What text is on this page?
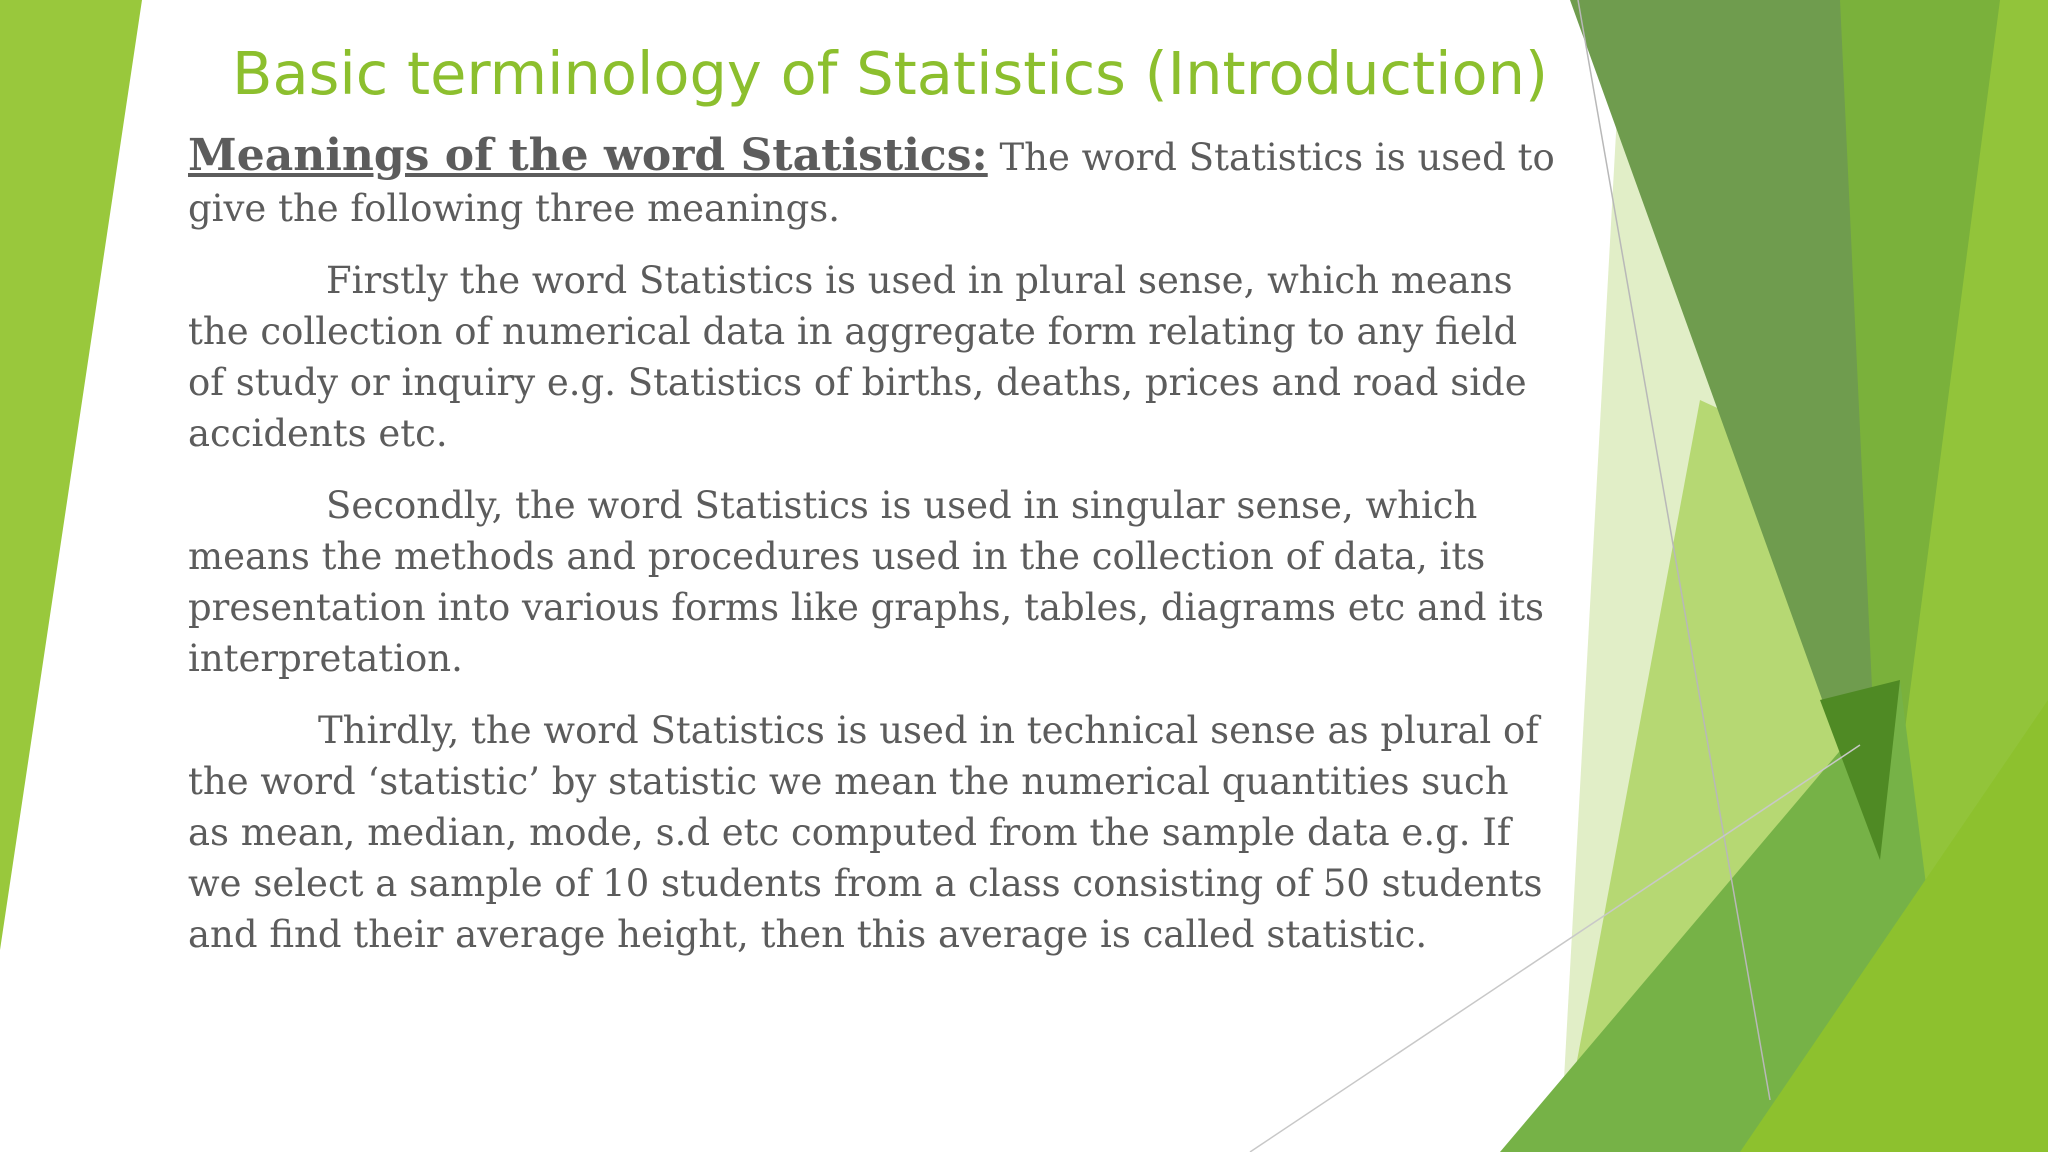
Basic terminology of Statistics (Introduction)

Meanings of the word Statistics: The word Statistics is used to give the following three meanings.

Firstly the word Statistics is used in plural sense, which means the collection of numerical data in aggregate form relating to any field of study or inquiry e.g. Statistics of births, deaths, prices and road side accidents etc.

Secondly, the word Statistics is used in singular sense, which means the methods and procedures used in the collection of data, its presentation into various forms like graphs, tables, diagrams etc and its interpretation.

Thirdly, the word Statistics is used in technical sense as plural of the word ‘statistic’ by statistic we mean the numerical quantities such as mean, median, mode, s.d etc computed from the sample data e.g. If we select a sample of 10 students from a class consisting of 50 students and find their average height, then this average is called statistic.
